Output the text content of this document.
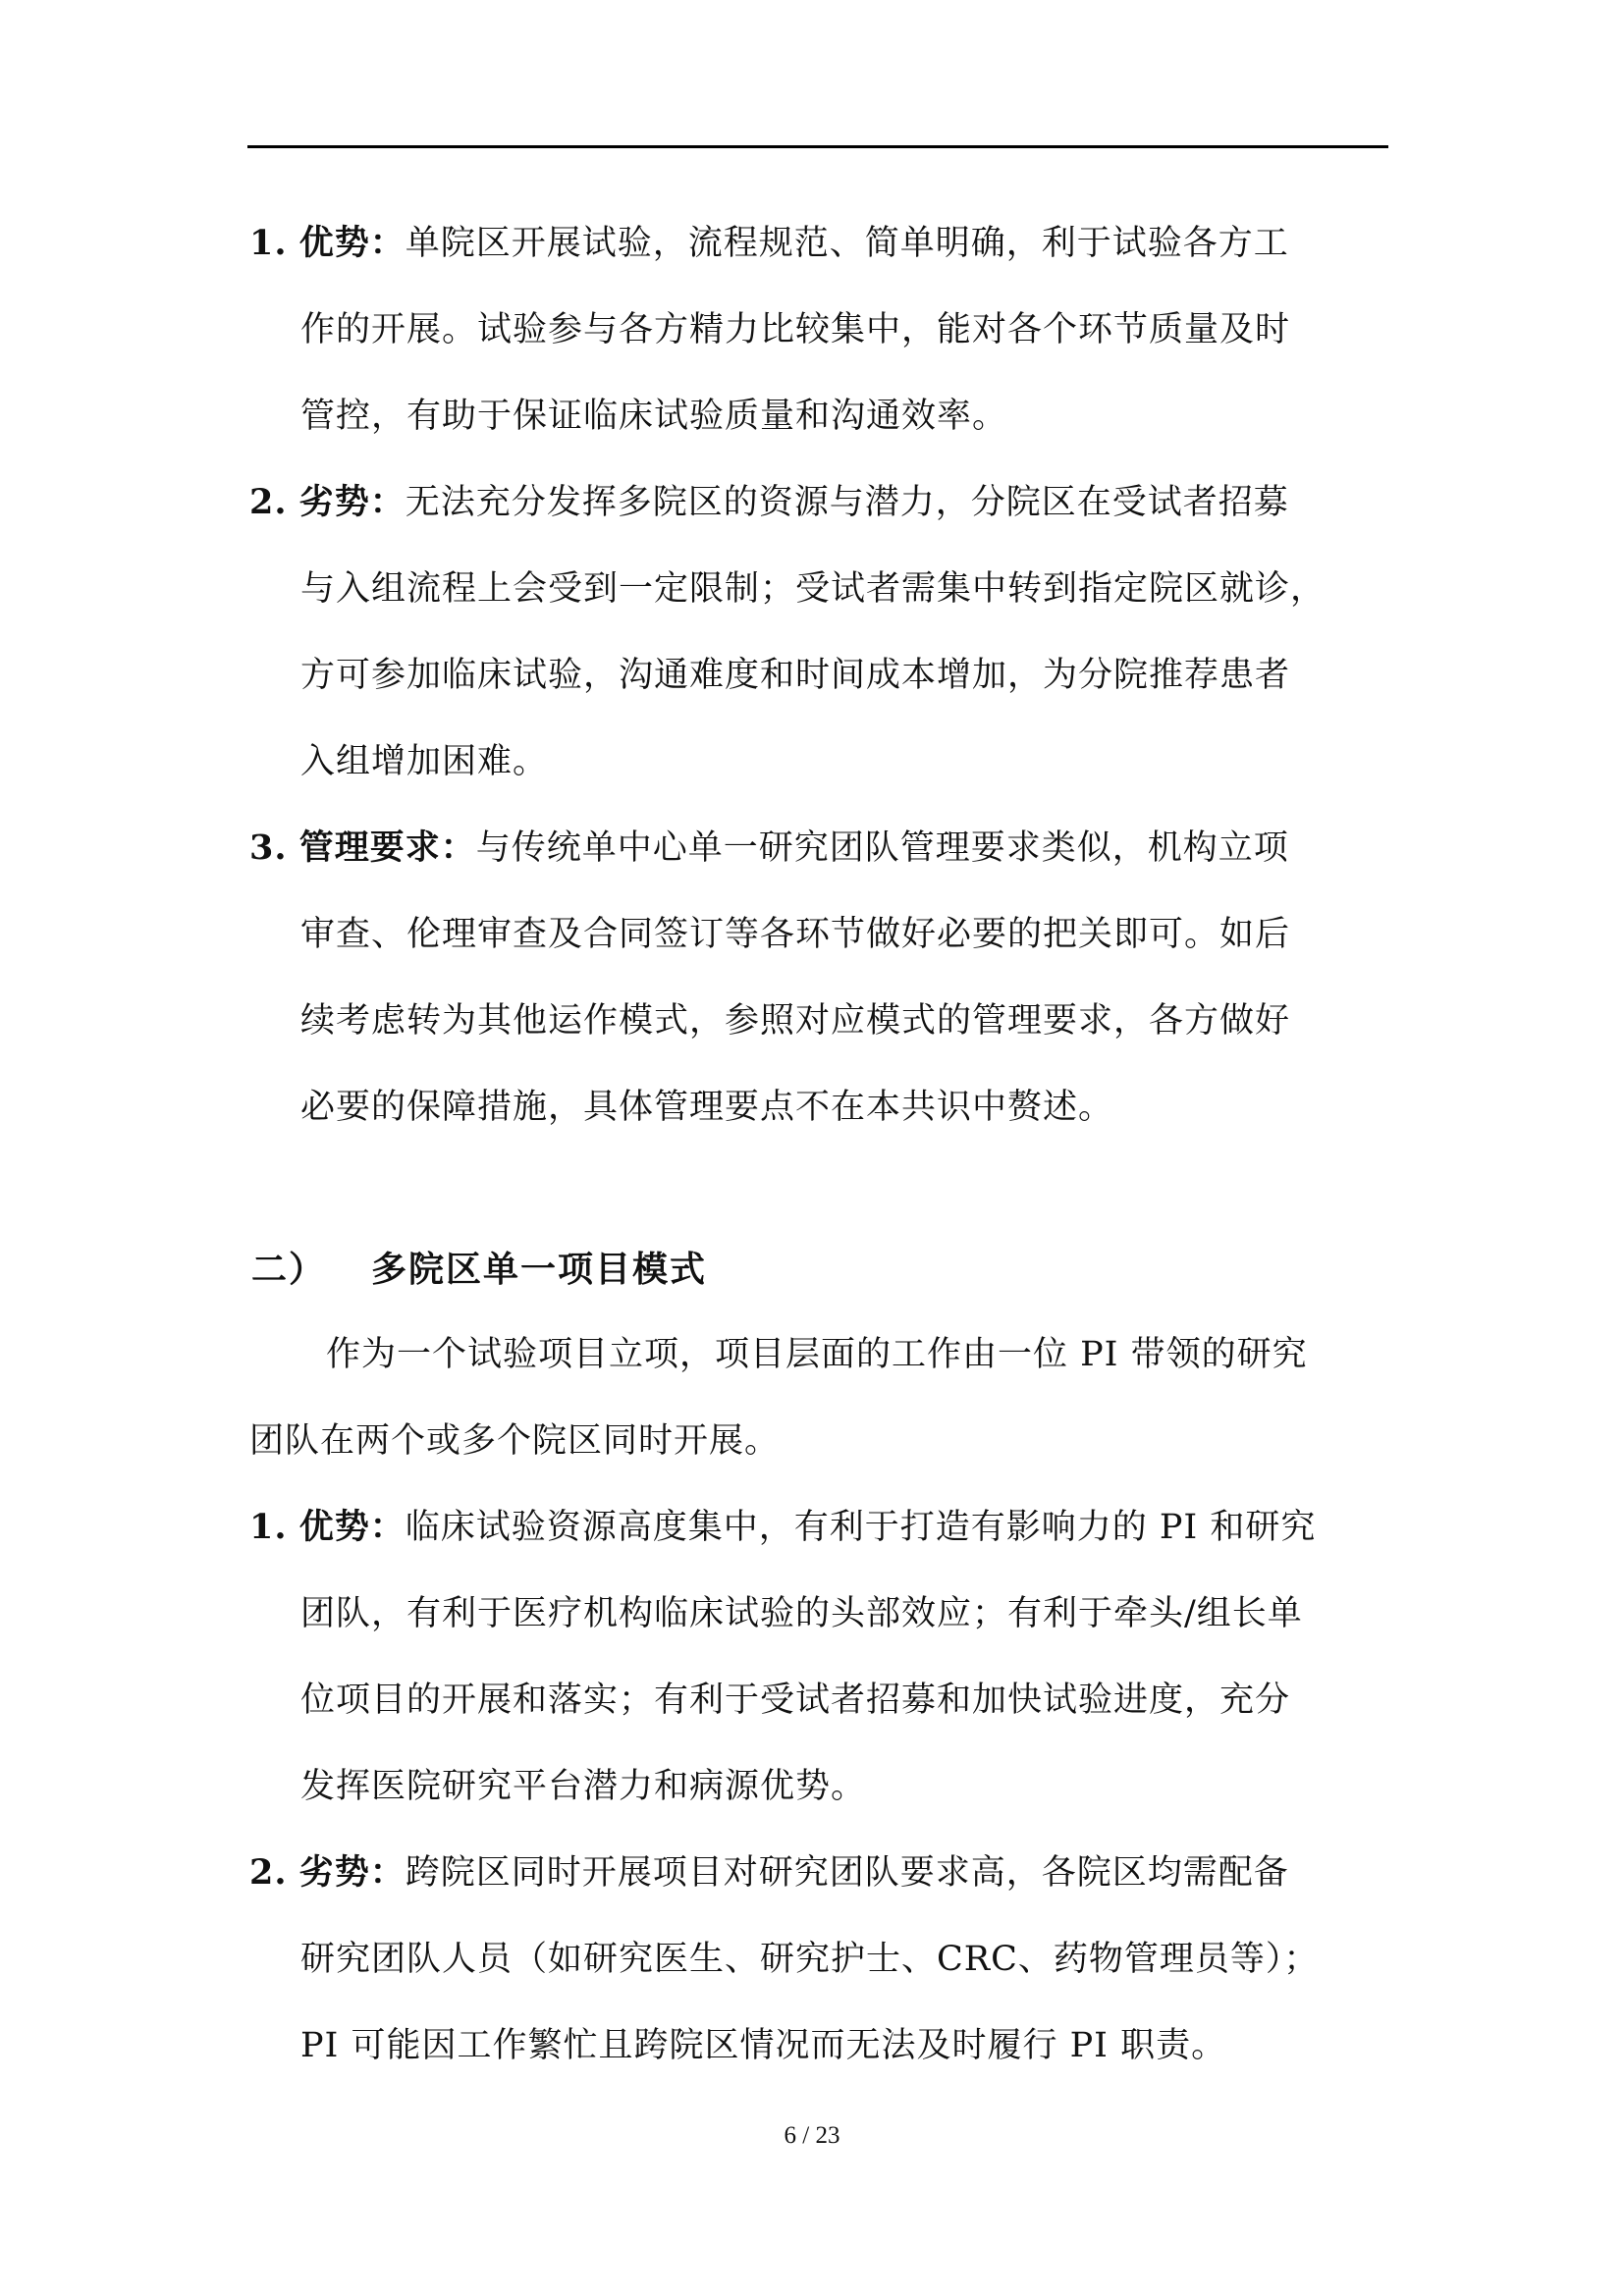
1. 优势：单院区开展试验，流程规范、简单明确，利于试验各方工
作的开展。试验参与各方精力比较集中，能对各个环节质量及时
管控，有助于保证临床试验质量和沟通效率。
2. 劣势：无法充分发挥多院区的资源与潜力，分院区在受试者招募
与入组流程上会受到一定限制；受试者需集中转到指定院区就诊，
方可参加临床试验，沟通难度和时间成本增加，为分院推荐患者
入组增加困难。
3. 管理要求：与传统单中心单一研究团队管理要求类似，机构立项
审查、伦理审查及合同签订等各环节做好必要的把关即可。如后
续考虑转为其他运作模式，参照对应模式的管理要求，各方做好
必要的保障措施，具体管理要点不在本共识中赘述。
二） 多院区单一项目模式
作为一个试验项目立项，项目层面的工作由一位 PI 带领的研究
团队在两个或多个院区同时开展。
1. 优势：临床试验资源高度集中，有利于打造有影响力的 PI 和研究
团队，有利于医疗机构临床试验的头部效应；有利于牵头/组长单
位项目的开展和落实；有利于受试者招募和加快试验进度，充分
发挥医院研究平台潜力和病源优势。
2. 劣势：跨院区同时开展项目对研究团队要求高，各院区均需配备
研究团队人员（如研究医生、研究护士、CRC、药物管理员等）；
PI 可能因工作繁忙且跨院区情况而无法及时履行 PI 职责。
6 / 23
